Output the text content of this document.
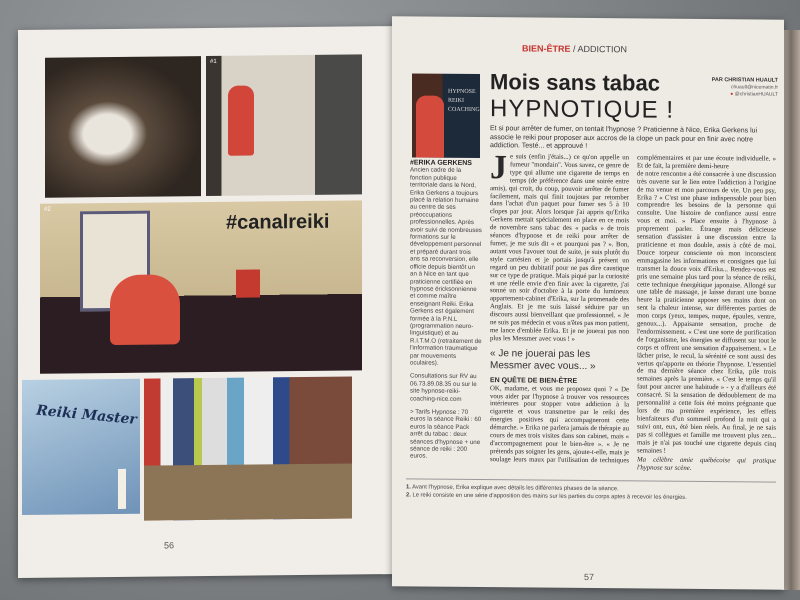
#1
#2
#canalreiki
Reiki Master
56
BIEN-ÊTRE / ADDICTION
HYPNOSE REIKI COACHING
Mois sans tabac
HYPNOTIQUE !
PAR CHRISTIAN HUAULT
chuault@nicematin.fr
● @christianHUAULT
Et si pour arrêter de fumer, on tentait l'hypnose ? Praticienne à Nice, Erika Gerkens lui associe le reiki pour proposer aux accros de la clope un pack pour en finir avec notre addiction. Testé... et approuvé !
#ERIKA GERKENS

Ancien cadre de la fonction publique territoriale dans le Nord, Erika Gerkens a toujours placé la relation humaine au centre de ses préoccupations professionnelles. Après avoir suivi de nombreuses formations sur le développement personnel et préparé durant trois ans sa reconversion, elle officie depuis bientôt un an à Nice en tant que praticienne certifiée en hypnose éricksonnienne et comme maître enseignant Reiki. Erika Gerkens est également formée à la P.N.L (programmation neuro-linguistique) et au R.I.T.M.O (retraitement de l'information traumatique par mouvements oculaires).

Consultations sur RV au 06.73.89.08.35 ou sur le site hypnose-reiki-coaching-nice.com

> Tarifs Hypnose : 70 euros la séance Reiki : 60 euros la séance Pack arrêt du tabac : deux séances d'hypnose + une séance de reiki : 200 euros.

Je suis (enfin j'étais...) ce qu'on appelle un fumeur "mondain". Vous savez, ce genre de type qui allume une cigarette de temps en temps (de préférence dans une soirée entre amis), qui croit, du coup, pouvoir arrêter de fumer facilement, mais qui finit toujours par retomber dans l'achat d'un paquet pour fumer ses 5 à 10 clopes par jour. Alors lorsque j'ai appris qu'Erika Gerkens mettait spécialement en place en ce mois de novembre sans tabac des « packs » de trois séances d'hypnose et de reiki pour arrêter de fumer, je me suis dit « et pourquoi pas ? ». Bon, autant vous l'avouer tout de suite, je suis plutôt du style cartésien et je portais jusqu'à présent un regard un peu dubitatif pour ne pas dire caustique sur ce type de pratique. Mais piqué par la curiosité et une réelle envie d'en finir avec la cigarette, j'ai sonné un soir d'octobre à la porte du lumineux appartement-cabinet d'Erika, sur la promenade des Anglais. Et je me suis laissé séduire par un discours aussi bienveillant que professionnel. « Je ne suis pas médecin et vous n'êtes pas mon patient, me lance d'emblée Erika. Et je ne jouerai pas non plus les Messmer avec vous ! »

« Je ne jouerai pas les Messmer avec vous... »
EN QUÊTE DE BIEN-ÊTRE

OK, madame, et vous me proposez quoi ? « De vous aider par l'hypnose à trouver vos ressources intérieures pour stopper votre addiction à la cigarette et vous transmettre par le reiki des énergies positives qui accompagneront cette démarche. » Erika ne parlera jamais de thérapie au cours de mes trois visites dans son cabinet, mais « d'accompagnement pour le bien-être ». « Je ne prétends pas soigner les gens, ajoute-t-elle, mais je soulage leurs maux par l'utilisation de techniques complémentaires et par une écoute individuelle. » Et de fait, la première demi-heure

de notre rencontre a été consacrée à une discussion très ouverte sur le lien entre l'addiction à l'origine de ma venue et mon parcours de vie. Un peu psy, Erika ? « C'est une phase indispensable pour bien comprendre les besoins de la personne qui consulte. Une histoire de confiance aussi entre vous et moi. » Place ensuite à l'hypnose à proprement parler. Étrange mais délicieuse sensation d'assister à une discussion entre la praticienne et mon double, assis à côté de moi. Douce torpeur consciente où mon inconscient emmagasine les informations et consignes que lui transmet la douce voix d'Erika... Rendez-vous est pris une semaine plus tard pour la séance de reiki, cette technique énergétique japonaise. Allongé sur une table de massage, je laisse durant une bonne heure la praticienne apposer ses mains dont on sent la chaleur intense, sur différentes parties de mon corps (yeux, tempes, nuque, épaules, ventre, genoux...). Appaisante sensation, proche de l'endormissement. « C'est une sorte de purification de l'organisme, les énergies se diffusent sur tout le corps et offrent une sensation d'appaisement. » Le lâcher prise, le recul, la sérénité ce sont aussi des vertus qu'apporte en théorie l'hypnose. L'essentiel de ma dernière séance chez Erika, pile trois semaines après la première. « C'est le temps qu'il faut pour ancrer une habitude » - y a d'ailleurs été consacré. Si la sensation de dédoublement de ma personnalité a cette fois été moins prégnante que lors de ma première expérience, les effets bienfaiteurs d'un sommeil profond la nuit qui a suivi ont, eux, été bien réels. Au final, je ne sais pas si collègues et famille me trouvent plus zen... mais je n'ai pas touché une cigarette depuis cinq semaines !

Ma célèbre amie québécoise qui pratique l'hypnose sur scène.

1. Avant l'hypnose, Erika explique avec détails les différentes phases de la séance.
2. Le reiki consiste en une série d'apposition des mains sur les parties du corps aptes à recevoir les énergies.
57
